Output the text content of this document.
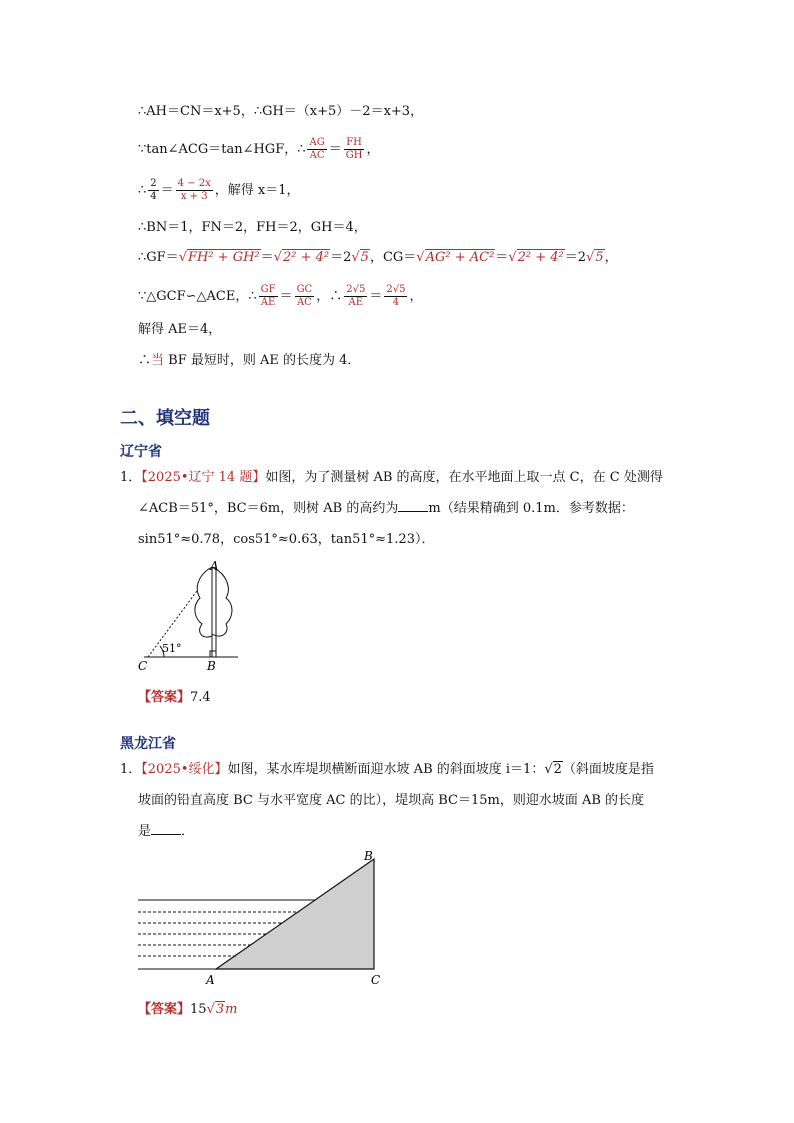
∴AH＝CN＝x+5，∴GH＝（x+5）－2＝x+3，
∵tan∠ACG＝tan∠HGF，∴ $\frac{AG}{AC} = \frac{FH}{GH}$ ，
∴ $\frac{2}{4} = \frac{4 - 2x}{x + 3}$ ，解得 x＝1，
∴BN＝1，FN＝2，FH＝2，GH＝4，
∴GF＝√FH² + GH²＝√2² + 4²＝2√5，CG＝√AG² + AC²＝√2² + 4²＝2√5，
∵△GCF∽△ACE，∴ $\frac{GF}{AE} = \frac{GC}{AC}$ ，∴ $\frac{2√5}{AE} = \frac{2√5}{4}$ ，
解得 AE＝4，
∴当 BF 最短时，则 AE 的长度为 4．
二、填空题
辽宁省
1．【2025•辽宁 14 题】如图，为了测量树 AB 的高度，在水平地面上取一点 C，在 C 处测得
∠ACB＝51°，BC＝6m，则树 AB 的高约为 m（结果精确到 0.1m．参考数据：
sin51°≈0.78，cos51°≈0.63，tan51°≈1.23）．
51°
A
B
C
【答案】7.4
黑龙江省
1．【2025•绥化】如图，某水库堤坝横断面迎水坡 AB 的斜面坡度 i＝1：√2（斜面坡度是指
坡面的铅直高度 BC 与水平宽度 AC 的比），堤坝高 BC＝15m，则迎水坡面 AB 的长度
是 ．
B
A	C
【答案】15√3m
